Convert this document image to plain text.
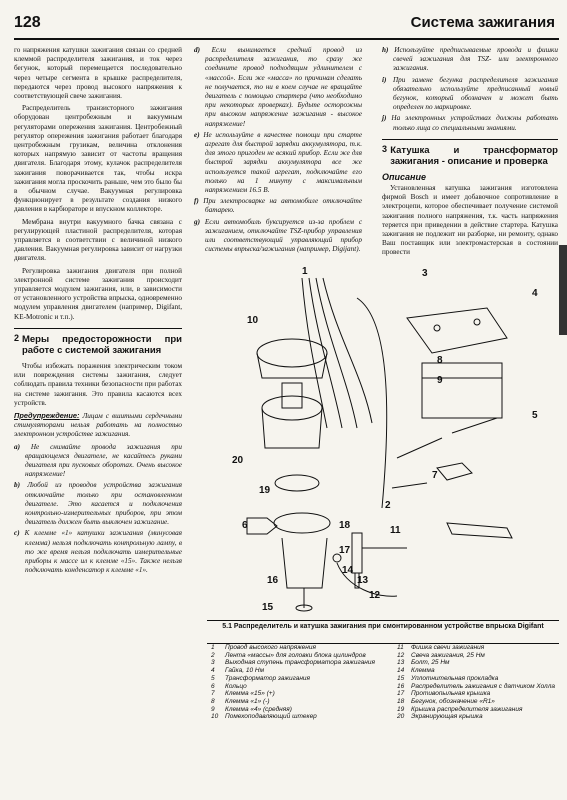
128	Система зажигания

го напряжения катушки зажигания связан со средней клеммой распределителя зажигания, и ток через бегунок, который перемещается последовательно через четыре сегмента в крышке распределителя, передаются через провод высокого напряжения к соответствующей свече зажигания.

Распределитель транзисторного зажигания оборудован центробежным и вакуумным регуляторами опережения зажигания. Центробежный регулятор опережения зажигания работает благодаря центробежным грузикам, величина отклонения которых напрямую зависит от частоты вращения двигателя. Благодаря этому, кулачок распределителя зажигания поворачивается так, чтобы искра зажигания могла проскочить раньше, чем это было бы в обычном случае. Вакуумная регулировка функционирует в результате создания низкого давления в карбюраторе и впускном коллекторе.

Мембрана внутри вакуумного бачка связана с регулирующей пластиной распределителя, которая управляется в соответствии с величиной низкого давления. Вакуумная регулировка зависит от нагрузки двигателя.

Регулировка зажигания двигателя при полной электронной системе зажигания происходит управляется модулем зажигания, или, в зависимости от установленного устройства впрыска, одновременно модулем управления двигателем (например, Digifant, KE-Motronic и т.п.).

2 Меры предосторожности при работе с системой зажигания

Чтобы избежать поражения электрическим током или повреждения системы зажигания, следует соблюдать правила техники безопасности при работах на системе зажигания. Это правила касаются всех устройств.

Предупреждение: Лицам с вшитыми сердечными стимуляторами нельзя работать на полностью электронном устройстве зажигания.

a) Не снимайте провода зажигания при вращающемся двигателе, не касайтесь руками двигателя при пусковых оборотах. Очень высокое напряжение!
b) Любой из проводов устройства зажигания отключайте только при остановленном двигателе. Это касается и подключения контрольно-измерительных приборов, при этом двигатель должен быть выключен зажигание.
c) К клемме «1» катушки зажигания (минусовая клемма) нельзя подключать контрольную лампу, в то же время нельзя подключать измерительные приборы к массе ил к клемме «15». Также нельзя подключать конденсатор к клемме «1».
d) Если вынимается средний провод из распределителя зажигания, то сразу же соедините провод подходящим удлинителем с «массой». Если же «масса» по причинам сделать не получается, то ни в коем случае не вращайте двигатель с помощью стартера (что необходимо при некоторых проверках). Будьте осторожны при высоком напряжение зажигания - высокое напряжение!
e) Не используйте в качестве помощи при старте агрегат для быстрой зарядки аккумулятора, т.к. для этого пригоден не всякий прибор. Если же для быстрой зарядки аккумулятора все же используется такой агрегат, подключайте его только на 1 минуту с максимальным напряжением 16.5 В.
f) При электросварке на автомобиле отключайте батарею.
g) Если автомобиль буксируется из-за проблем с зажиганием, отключайте TSZ-прибор управления или соответствующий управляющий прибор системы впрыска/зажигания (например, Digijant).
h) Используйте предписываемые провода и фишки свечей зажигания для TSZ- или электронного зажигания.
i) При замене бегунка распределителя зажигания обязательно используйте предписанный новый бегунок, который обозначен и может быть определен по маркировке.
j) На электронных устройствах должны работать только лица со специальными знаниями.
3 Катушка и трансформатор зажигания - описание и проверка
Описание

Установленная катушка зажигания изготовлена фирмой Bosch и имеет добавочное сопротивление в электроцепи, которое обеспечивает получение системой зажигания полного напряжения, т.к. часть напряжения теряется при приведении в действие стартера. Катушка зажигания не подлежит ни разборке, ни ремонту, однако Ваш поставщик или электромастерская в состоянии провести

1
2
3
4
5
6
7
8
9
10
11
12
13
14
15
16
17
18
19
20
5.1 Распределитель и катушка зажигания при смонтированном устройстве впрыска Digifant
1	Провод высокого напряжения
2	Лента «массы» для головки блока цилиндров
3	Выходная ступень трансформатора зажигания
4	Гайка, 10 Нм
5	Трансформатор зажигания
6	Кольцо
7	Клемма «15» (+)
8	Клемма «1» (-)
9	Клемма «4» (средняя)
10	Помехоподавляющий штекер
11	Фишка свечи зажигания
12	Свеча зажигания, 25 Нм
13	Болт, 25 Нм
14	Клемма
15	Уплотнительная прокладка
16	Распределитель зажигания с датчиком Холла
17	Противопыльная крышка
18	Бегунок, обозначение «R1»
19	Крышка распределителя зажигания
20	Экранирующая крышка
